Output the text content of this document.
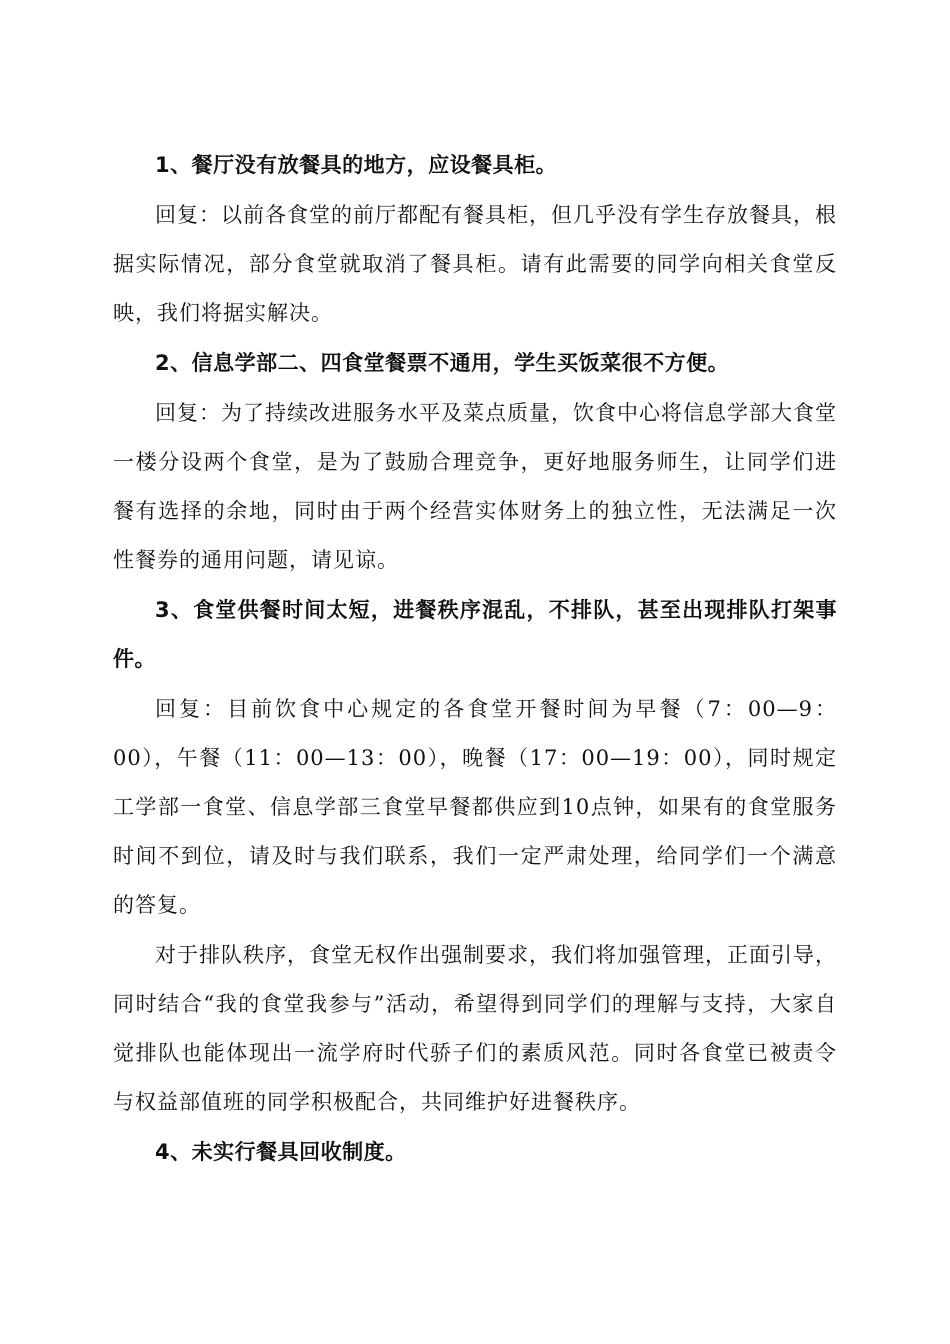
1、餐厅没有放餐具的地方，应设餐具柜。

回复：以前各食堂的前厅都配有餐具柜，但几乎没有学生存放餐具，根据实际情况，部分食堂就取消了餐具柜。请有此需要的同学向相关食堂反映，我们将据实解决。

2、信息学部二、四食堂餐票不通用，学生买饭菜很不方便。

回复：为了持续改进服务水平及菜点质量，饮食中心将信息学部大食堂一楼分设两个食堂，是为了鼓励合理竞争，更好地服务师生，让同学们进餐有选择的余地，同时由于两个经营实体财务上的独立性，无法满足一次性餐券的通用问题，请见谅。

3、食堂供餐时间太短，进餐秩序混乱，不排队，甚至出现排队打架事件。

回复：目前饮食中心规定的各食堂开餐时间为早餐（7：00—9：00），午餐（11：00—13：00），晚餐（17：00—19：00），同时规定工学部一食堂、信息学部三食堂早餐都供应到10点钟，如果有的食堂服务时间不到位，请及时与我们联系，我们一定严肃处理，给同学们一个满意的答复。

对于排队秩序，食堂无权作出强制要求，我们将加强管理，正面引导，同时结合“我的食堂我参与”活动，希望得到同学们的理解与支持，大家自觉排队也能体现出一流学府时代骄子们的素质风范。同时各食堂已被责令与权益部值班的同学积极配合，共同维护好进餐秩序。

4、未实行餐具回收制度。
